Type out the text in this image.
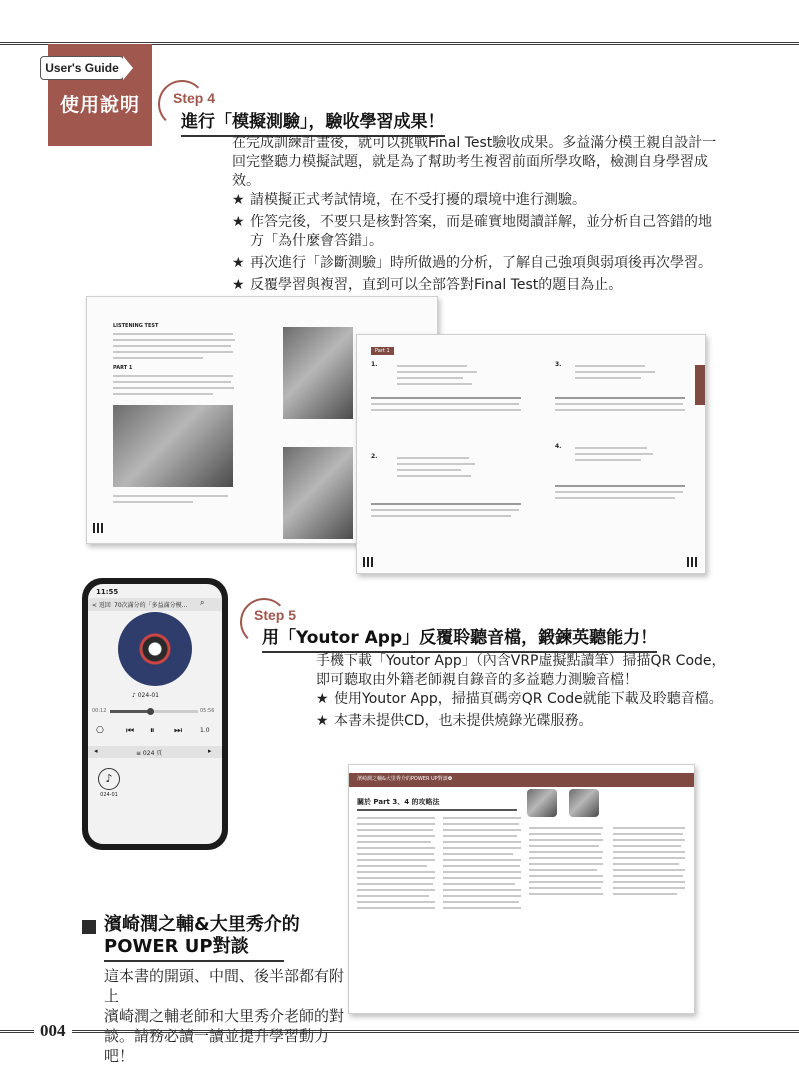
User's Guide
使用說明	Step 4
進行「模擬測驗」，驗收學習成果！
在完成訓練計畫後，就可以挑戰Final Test驗收成果。多益滿分模王親自設計一
回完整聽力模擬試題，就是為了幫助考生複習前面所學攻略，檢測自身學習成
效。
★ 請模擬正式考試情境，在不受打擾的環境中進行測驗。
★ 作答完後，不要只是核對答案，而是確實地閱讀詳解，並分析自己答錯的地
方「為什麼會答錯」。
★ 再次進行「診斷測驗」時所做過的分析，了解自己強項與弱項後再次學習。
★ 反覆學習與複習，直到可以全部答對Final Test的題目為止。
LISTENING TEST
PART 1
Part 1
1.
2.
3.
4.
Step 5
用「Youtor App」反覆聆聽音檔，鍛鍊英聽能力！
手機下載「Youtor App」（內含VRP虛擬點讀筆）掃描QR Code，
即可聽取由外籍老師親自錄音的多益聽力測驗音檔！
★ 使用Youtor App，掃描頁碼旁QR Code就能下載及聆聽音檔。
★ 本書未提供CD，也未提供燒錄光碟服務。
11:55
< 返回 70次滿分的「多益滿分模...	⌕
♪ 024-01
00:12	05:56
⎔ ⏮ ⏸ ⏭	1.0
◂	≡ 024 頁	▸
♪
024-01
濱崎潤之輔&大里秀介的POWER UP對談❹
關於 Part 3、4 的攻略法
濱崎潤之輔&大里秀介的
POWER UP對談
這本書的開頭、中間、後半部都有附上
濱崎潤之輔老師和大里秀介老師的對
談。請務必讀一讀並提升學習動力吧！
004
